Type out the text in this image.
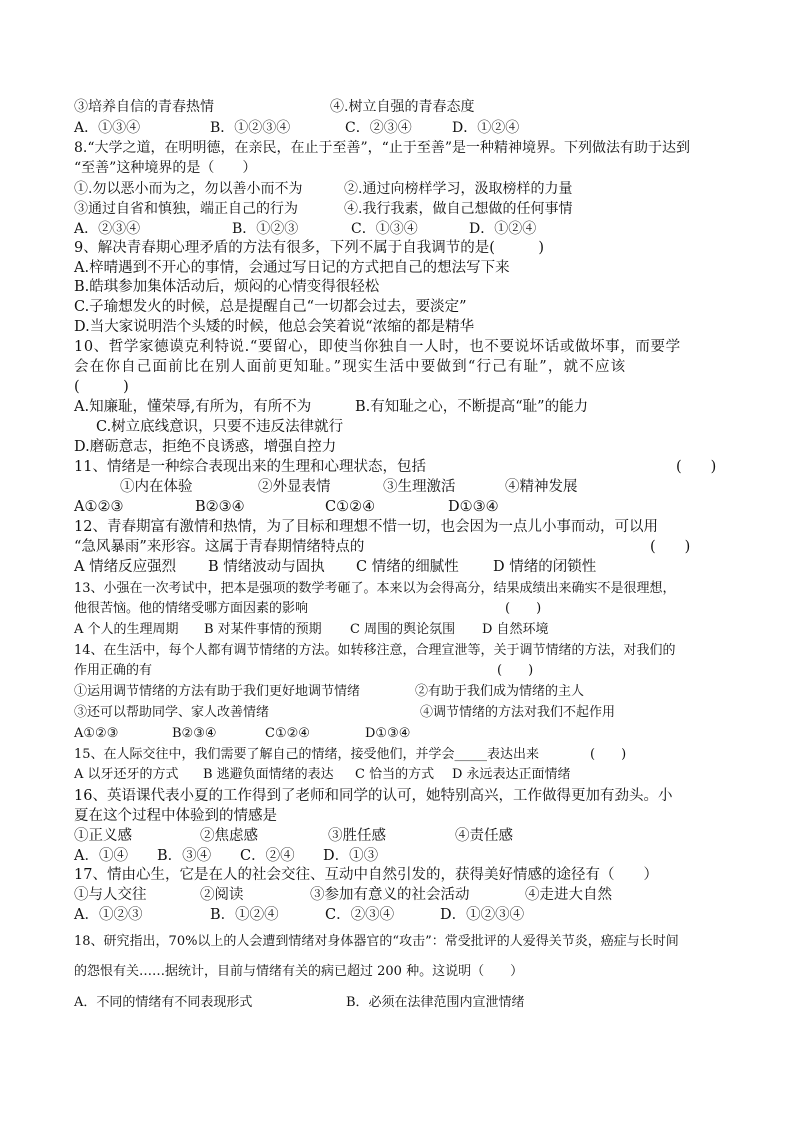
③培养自信的青春热情	④.树立自强的青春态度
A．①③④	B．①②③④	C．②③④	D．①②④
8.“大学之道，在明明德，在亲民，在止于至善”，“止于至善”是一种精神境界。下列做法有助于达到
“至善”这种境界的是（　　）
①.勿以恶小而为之，勿以善小而不为	②.通过向榜样学习，汲取榜样的力量
③通过自省和慎独，端正自己的行为	④.我行我素，做自己想做的任何事情
A．②③④	B．①②③	C．①③④	D．①②④
9、解决青春期心理矛盾的方法有很多，下列不属于自我调节的是(　　　)
A.梓晴遇到不开心的事情，会通过写日记的方式把自己的想法写下来
B.皓琪参加集体活动后，烦闷的心情变得很轻松
C.子瑜想发火的时候，总是提醒自己“一切都会过去，要淡定”
D.当大家说明浩个头矮的时候，他总会笑着说“浓缩的都是精华
10、哲学家德谟克利特说.“要留心，即使当你独自一人时，也不要说坏话或做坏事，而要学
会在你自己面前比在别人面前更知耻。”现实生活中要做到“行己有耻”，就不应该
(　　　)
A.知廉耻，懂荣辱,有所为，有所不为	B.有知耻之心，不断提高“耻”的能力
C.树立底线意识，只要不违反法律就行
D.磨砺意志，拒绝不良诱惑，增强自控力
11、情绪是一种综合表现出来的生理和心理状态，包括	(　　)
①内在体验	②外显表情	③生理激活	④精神发展
A①②③	B②③④	C①②④	D①③④
12、青春期富有激情和热情，为了目标和理想不惜一切，也会因为一点儿小事而动，可以用
“急风暴雨”来形容。这属于青春期情绪特点的	(　　)
A 情绪反应强烈 B 情绪波动与固执 C 情绪的细腻性 D 情绪的闭锁性
13、小强在一次考试中，把本是强项的数学考砸了。本来以为会得高分，结果成绩出来确实不是很理想，
他很苦恼。他的情绪受哪方面因素的影响	(　　)
A 个人的生理周期 B 对某件事情的预期 C 周围的舆论氛围 D 自然环境
14、在生活中，每个人都有调节情绪的方法。如转移注意，合理宣泄等，关于调节情绪的方法，对我们的
作用正确的有	(　　)
①运用调节情绪的方法有助于我们更好地调节情绪	②有助于我们成为情绪的主人
③还可以帮助同学、家人改善情绪	④调节情绪的方法对我们不起作用
A①②③	B②③④	C①②④	D①③④
15、在人际交往中，我们需要了解自己的情绪，接受他们，并学会_____表达出来	(　　)
A 以牙还牙的方式 B 逃避负面情绪的表达 C 恰当的方式 D 永远表达正面情绪
16、英语课代表小夏的工作得到了老师和同学的认可，她特别高兴，工作做得更加有劲头。小
夏在这个过程中体验到的情感是
①正义感	②焦虑感	③胜任感	④责任感
A．①④ B．③④ C．②④ D．①③
17、情由心生，它是在人的社会交往、互动中自然引发的，获得美好情感的途径有（　　）
①与人交往	②阅读	③参加有意义的社会活动	④走进大自然
A．①②③	B．①②④	C．②③④	D．①②③④
18、研究指出，70%以上的人会遭到情绪对身体器官的“攻击”：常受批评的人爱得关节炎，癌症与长时间
的怨恨有关……据统计，目前与情绪有关的病已超过 200 种。这说明（　　）
A．不同的情绪有不同表现形式	B．必须在法律范围内宣泄情绪
